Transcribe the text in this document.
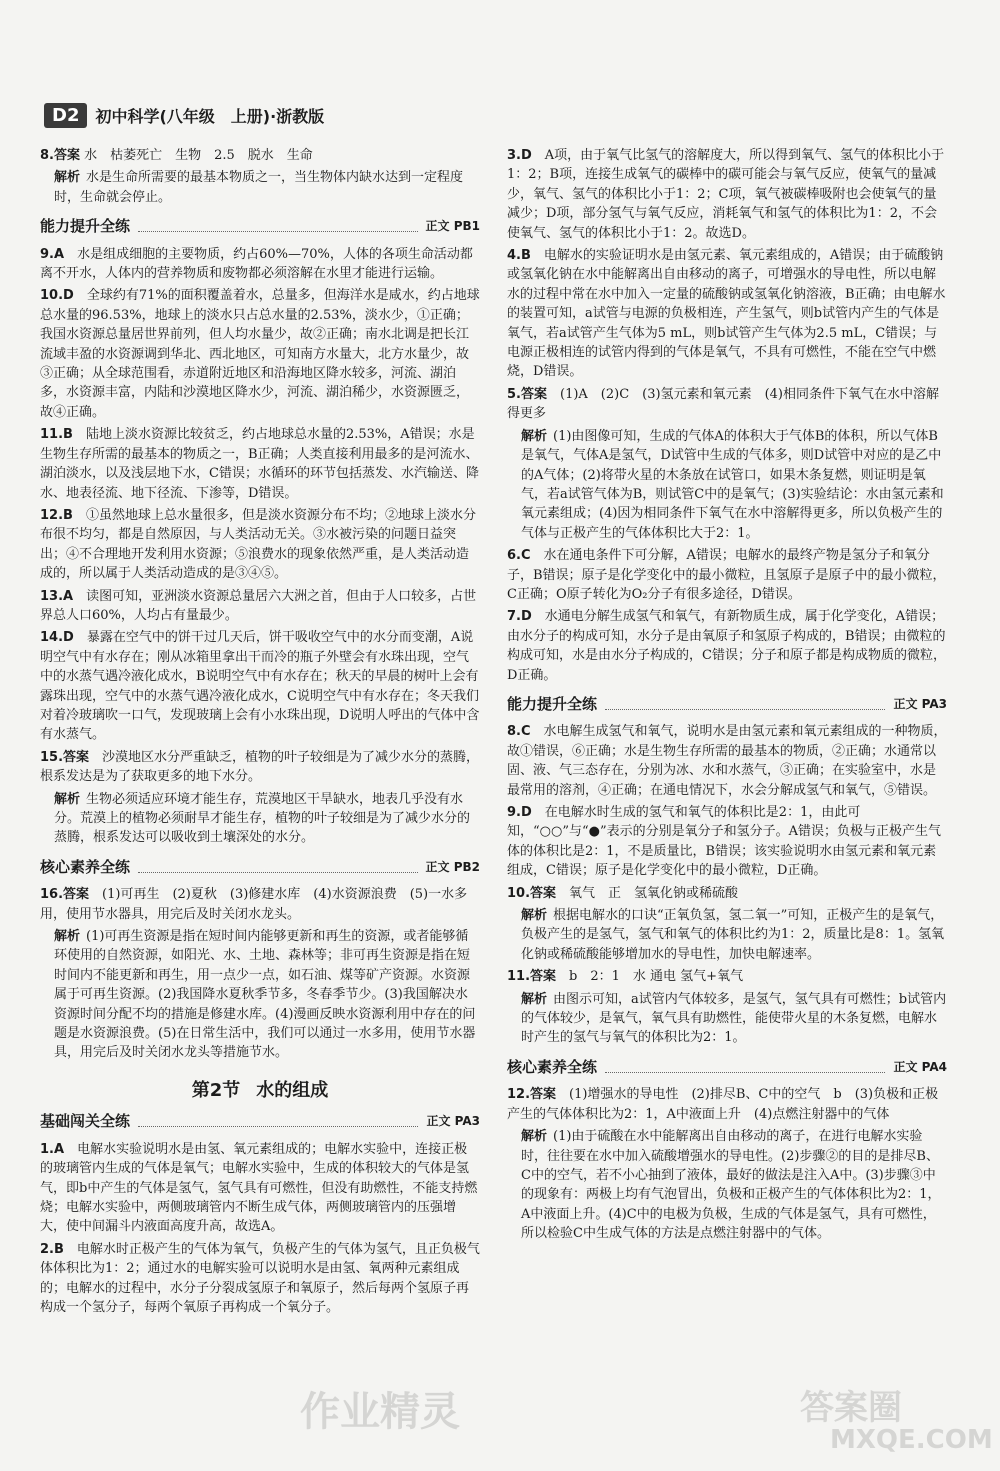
D2	初中科学(八年级　上册)·浙教版
8.答案 水　枯萎死亡　生物　2.5　脱水　生命
解析 水是生命所需要的最基本物质之一，当生物体内缺水达到一定程度时，生命就会停止。
能力提升全练	正文 PB1
9.A　 水是组成细胞的主要物质，约占60%—70%，人体的各项生命活动都离不开水，人体内的营养物质和废物都必须溶解在水里才能进行运输。
10.D　 全球约有71%的面积覆盖着水，总量多，但海洋水是咸水，约占地球总水量的96.53%，地球上的淡水只占总水量的2.53%，淡水少，①正确；我国水资源总量居世界前列，但人均水量少，故②正确；南水北调是把长江流域丰盈的水资源调到华北、西北地区，可知南方水量大，北方水量少，故③正确；从全球范围看，赤道附近地区和沿海地区降水较多，河流、湖泊多，水资源丰富，内陆和沙漠地区降水少，河流、湖泊稀少，水资源匮乏，故④正确。
11.B　 陆地上淡水资源比较贫乏，约占地球总水量的2.53%，A错误；水是生物生存所需的最基本的物质之一，B正确；人类直接利用最多的是河流水、湖泊淡水，以及浅层地下水，C错误；水循环的环节包括蒸发、水汽输送、降水、地表径流、地下径流、下渗等，D错误。
12.B　 ①虽然地球上总水量很多，但是淡水资源分布不均；②地球上淡水分布很不均匀，都是自然原因，与人类活动无关。③水被污染的问题日益突出；④不合理地开发利用水资源；⑤浪费水的现象依然严重，是人类活动造成的，所以属于人类活动造成的是③④⑤。
13.A　 读图可知，亚洲淡水资源总量居六大洲之首，但由于人口较多，占世界总人口60%，人均占有量最少。
14.D　 暴露在空气中的饼干过几天后，饼干吸收空气中的水分而变潮，A说明空气中有水存在；刚从冰箱里拿出干而冷的瓶子外壁会有水珠出现，空气中的水蒸气遇冷液化成水，B说明空气中有水存在；秋天的早晨的树叶上会有露珠出现，空气中的水蒸气遇冷液化成水，C说明空气中有水存在；冬天我们对着冷玻璃吹一口气，发现玻璃上会有小水珠出现，D说明人呼出的气体中含有水蒸气。
15.答案　 沙漠地区水分严重缺乏，植物的叶子较细是为了减少水分的蒸腾，根系发达是为了获取更多的地下水分。
解析 生物必须适应环境才能生存，荒漠地区干旱缺水，地表几乎没有水分。荒漠上的植物必须耐旱才能生存，植物的叶子较细是为了减少水分的蒸腾，根系发达可以吸收到土壤深处的水分。
核心素养全练	正文 PB2
16.答案　 (1)可再生　(2)夏秋　(3)修建水库　(4)水资源浪费　(5)一水多用，使用节水器具，用完后及时关闭水龙头。
解析 (1)可再生资源是指在短时间内能够更新和再生的资源，或者能够循环使用的自然资源，如阳光、水、土地、森林等；非可再生资源是指在短时间内不能更新和再生，用一点少一点，如石油、煤等矿产资源。水资源属于可再生资源。(2)我国降水夏秋季节多，冬春季节少。(3)我国解决水资源时间分配不均的措施是修建水库。(4)漫画反映水资源利用中存在的问题是水资源浪费。(5)在日常生活中，我们可以通过一水多用，使用节水器具，用完后及时关闭水龙头等措施节水。
第2节 水的组成
基础闯关全练	正文 PA3
1.A　 电解水实验说明水是由氢、氧元素组成的；电解水实验中，连接正极的玻璃管内生成的气体是氧气；电解水实验中，生成的体积较大的气体是氢气，即b中产生的气体是氢气，氢气具有可燃性，但没有助燃性，不能支持燃烧；电解水实验中，两侧玻璃管内不断生成气体，两侧玻璃管内的压强增大，使中间漏斗内液面高度升高，故选A。
2.B　 电解水时正极产生的气体为氧气，负极产生的气体为氢气，且正负极气体体积比为1：2；通过水的电解实验可以说明水是由氢、氧两种元素组成的；电解水的过程中，水分子分裂成氢原子和氧原子，然后每两个氢原子再构成一个氢分子，每两个氧原子再构成一个氧分子。
3.D　 A项，由于氧气比氢气的溶解度大，所以得到氧气、氢气的体积比小于1：2；B项，连接生成氧气的碳棒中的碳可能会与氧气反应，使氧气的量减少，氧气、氢气的体积比小于1：2；C项，氧气被碳棒吸附也会使氧气的量减少；D项，部分氢气与氧气反应，消耗氧气和氢气的体积比为1：2，不会使氧气、氢气的体积比小于1：2。故选D。
4.B　 电解水的实验证明水是由氢元素、氧元素组成的，A错误；由于硫酸钠或氢氧化钠在水中能解离出自由移动的离子，可增强水的导电性，所以电解水的过程中常在水中加入一定量的硫酸钠或氢氧化钠溶液，B正确；由电解水的装置可知，a试管与电源的负极相连，产生氢气，则b试管内产生的气体是氧气，若a试管产生气体为5 mL，则b试管产生气体为2.5 mL，C错误；与电源正极相连的试管内得到的气体是氧气，不具有可燃性，不能在空气中燃烧，D错误。
5.答案　 (1)A　(2)C　(3)氢元素和氧元素　(4)相同条件下氧气在水中溶解得更多
解析 (1)由图像可知，生成的气体A的体积大于气体B的体积，所以气体B是氧气，气体A是氢气，D试管中生成的气体多，则D试管中对应的是乙中的A气体；(2)将带火星的木条放在试管口，如果木条复燃，则证明是氧气，若a试管气体为B，则试管C中的是氧气；(3)实验结论：水由氢元素和氧元素组成；(4)因为相同条件下氧气在水中溶解得更多，所以负极产生的气体与正极产生的气体体积比大于2：1。
6.C　 水在通电条件下可分解，A错误；电解水的最终产物是氢分子和氧分子，B错误；原子是化学变化中的最小微粒，且氢原子是原子中的最小微粒，C正确；O原子转化为O₂分子有很多途径，D错误。
7.D　 水通电分解生成氢气和氧气，有新物质生成，属于化学变化，A错误；由水分子的构成可知，水分子是由氧原子和氢原子构成的，B错误；由微粒的构成可知，水是由水分子构成的，C错误；分子和原子都是构成物质的微粒，D正确。
能力提升全练	正文 PA3
8.C　 水电解生成氢气和氧气，说明水是由氢元素和氧元素组成的一种物质，故①错误，⑥正确；水是生物生存所需的最基本的物质，②正确；水通常以固、液、气三态存在，分别为冰、水和水蒸气，③正确；在实验室中，水是最常用的溶剂，④正确；在通电情况下，水会分解成氢气和氧气，⑤错误。
9.D　 在电解水时生成的氢气和氧气的体积比是2：1，由此可知，“○○”与“●”表示的分别是氧分子和氢分子。A错误；负极与正极产生气体的体积比是2：1，不是质量比，B错误；该实验说明水由氢元素和氧元素组成，C错误；原子是化学变化中的最小微粒，D正确。
10.答案　 氧气　正　氢氧化钠或稀硫酸
解析 根据电解水的口诀“正氧负氢，氢二氧一”可知，正极产生的是氧气，负极产生的是氢气，氢气和氧气的体积比约为1：2，质量比是8：1。氢氧化钠或稀硫酸能够增加水的导电性，加快电解速率。
11.答案　 b　2：1　水 通电 氢气+氧气
解析 由图示可知，a试管内气体较多，是氢气，氢气具有可燃性；b试管内的气体较少，是氧气，氧气具有助燃性，能使带火星的木条复燃，电解水时产生的氢气与氧气的体积比为2：1。
核心素养全练	正文 PA4
12.答案　 (1)增强水的导电性　(2)排尽B、C中的空气　b　(3)负极和正极产生的气体体积比为2：1，A中液面上升　(4)点燃注射器中的气体
解析 (1)由于硫酸在水中能解离出自由移动的离子，在进行电解水实验时，往往要在水中加入硫酸增强水的导电性。(2)步骤②的目的是排尽B、C中的空气，若不小心抽到了液体，最好的做法是注入A中。(3)步骤③中的现象有：两极上均有气泡冒出，负极和正极产生的气体体积比为2：1，A中液面上升。(4)C中的电极为负极，生成的气体是氢气，具有可燃性，所以检验C中生成气体的方法是点燃注射器中的气体。
作业精灵	答案圈
MXQE.COM
